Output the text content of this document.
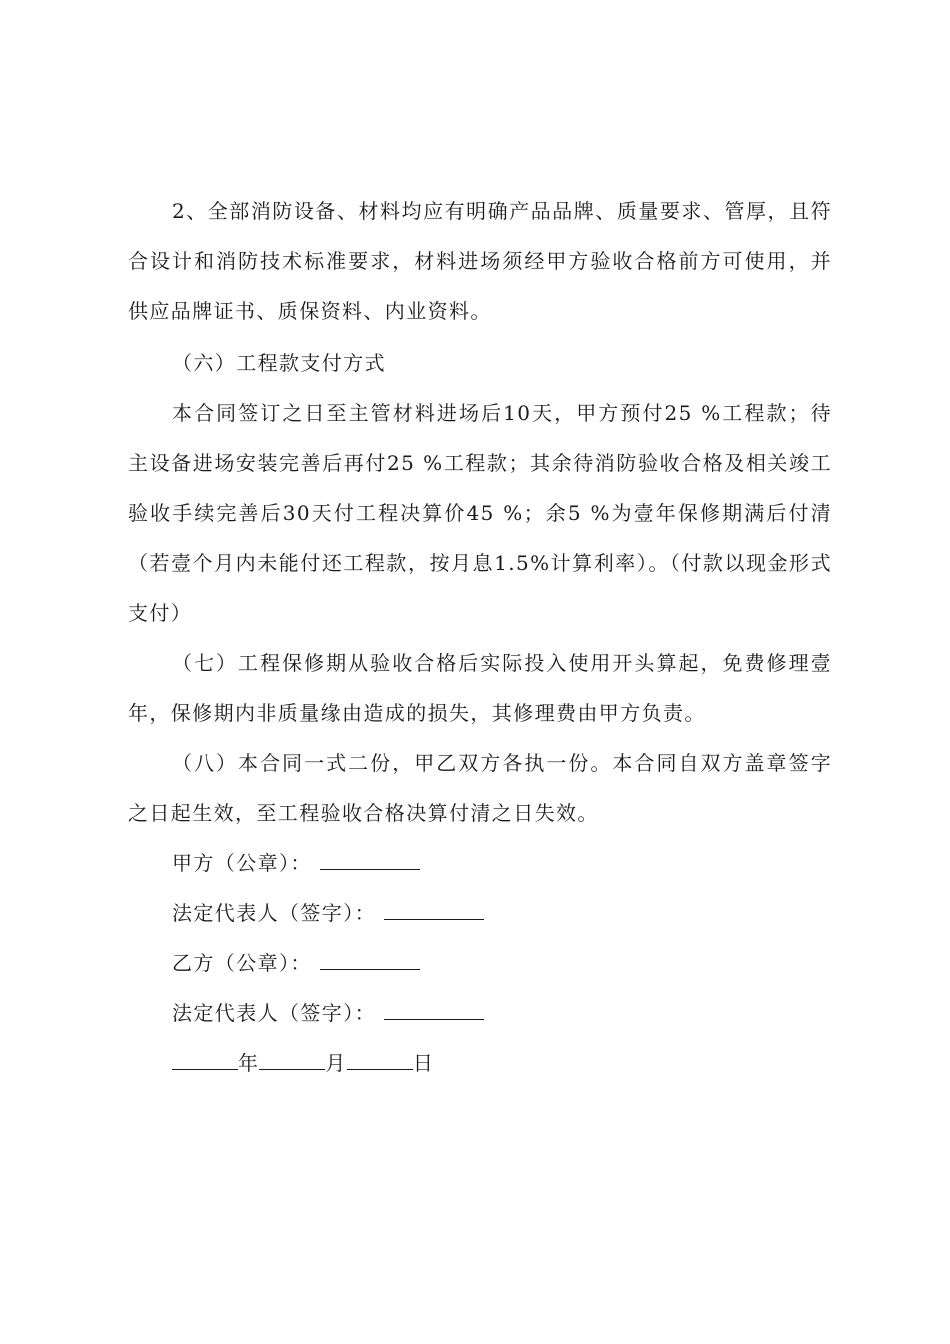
2、全部消防设备、材料均应有明确产品品牌、质量要求、管厚，且符合设计和消防技术标准要求，材料进场须经甲方验收合格前方可使用，并供应品牌证书、质保资料、内业资料。

（六）工程款支付方式

本合同签订之日至主管材料进场后10天，甲方预付25 %工程款；待主设备进场安装完善后再付25 %工程款；其余待消防验收合格及相关竣工验收手续完善后30天付工程决算价45 %；余5 %为壹年保修期满后付清（若壹个月内未能付还工程款，按月息1.5%计算利率）。（付款以现金形式支付）

（七）工程保修期从验收合格后实际投入使用开头算起，免费修理壹年，保修期内非质量缘由造成的损失，其修理费由甲方负责。

（八）本合同一式二份，甲乙双方各执一份。本合同自双方盖章签字之日起生效，至工程验收合格决算付清之日失效。

甲方（公章）：
法定代表人（签字）：
乙方（公章）：
法定代表人（签字）：
年	月	日
